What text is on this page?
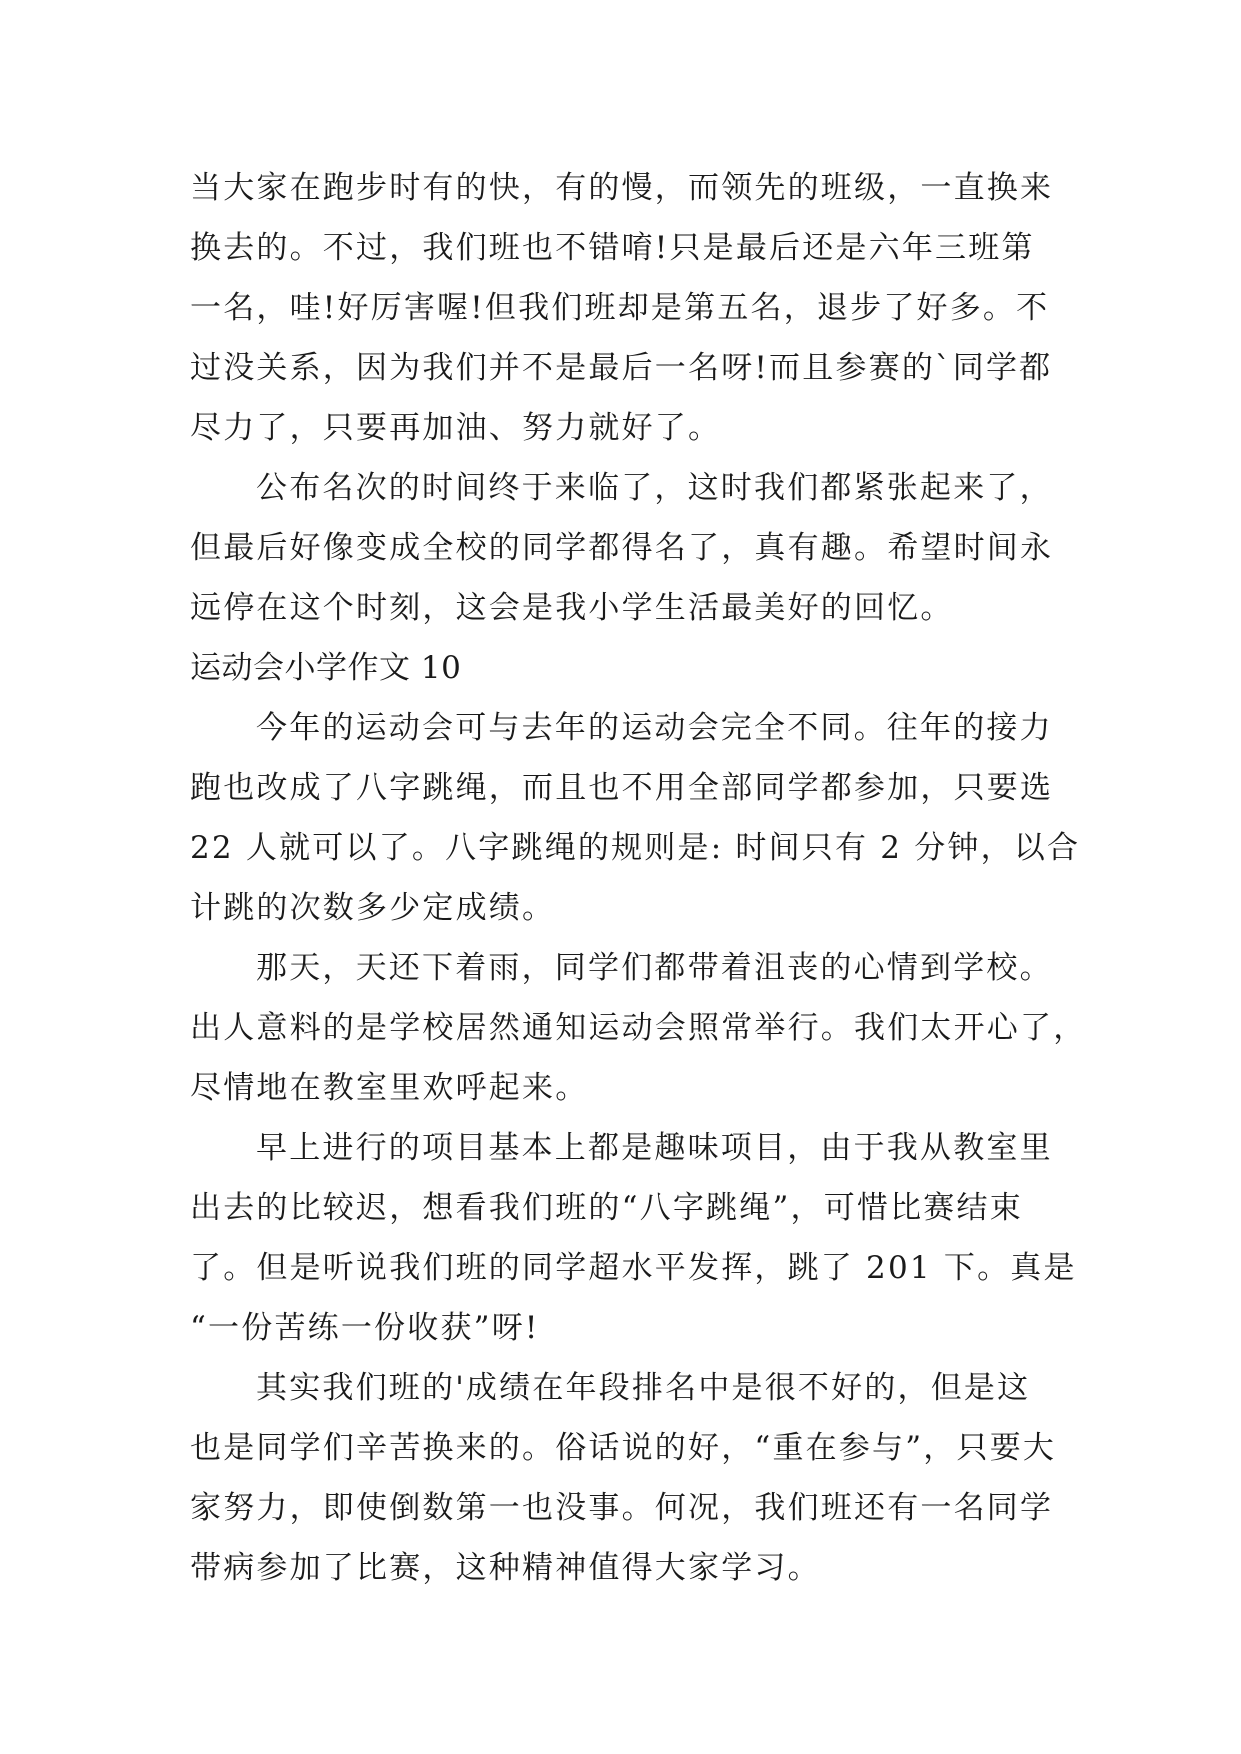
当大家在跑步时有的快，有的慢，而领先的班级，一直换来
换去的。不过，我们班也不错唷!只是最后还是六年三班第
一名，哇!好厉害喔!但我们班却是第五名，退步了好多。不
过没关系，因为我们并不是最后一名呀!而且参赛的`同学都
尽力了，只要再加油、努力就好了。
公布名次的时间终于来临了，这时我们都紧张起来了，
但最后好像变成全校的同学都得名了，真有趣。希望时间永
远停在这个时刻，这会是我小学生活最美好的回忆。
运动会小学作文 10
今年的运动会可与去年的运动会完全不同。往年的接力
跑也改成了八字跳绳，而且也不用全部同学都参加，只要选
22 人就可以了。八字跳绳的规则是: 时间只有 2 分钟，以合
计跳的次数多少定成绩。
那天，天还下着雨，同学们都带着沮丧的心情到学校。
出人意料的是学校居然通知运动会照常举行。我们太开心了，
尽情地在教室里欢呼起来。
早上进行的项目基本上都是趣味项目，由于我从教室里
出去的比较迟，想看我们班的“八字跳绳”，可惜比赛结束
了。但是听说我们班的同学超水平发挥，跳了 201 下。真是
“一份苦练一份收获”呀!
其实我们班的'成绩在年段排名中是很不好的，但是这
也是同学们辛苦换来的。俗话说的好，“重在参与”，只要大
家努力，即使倒数第一也没事。何况，我们班还有一名同学
带病参加了比赛，这种精神值得大家学习。
